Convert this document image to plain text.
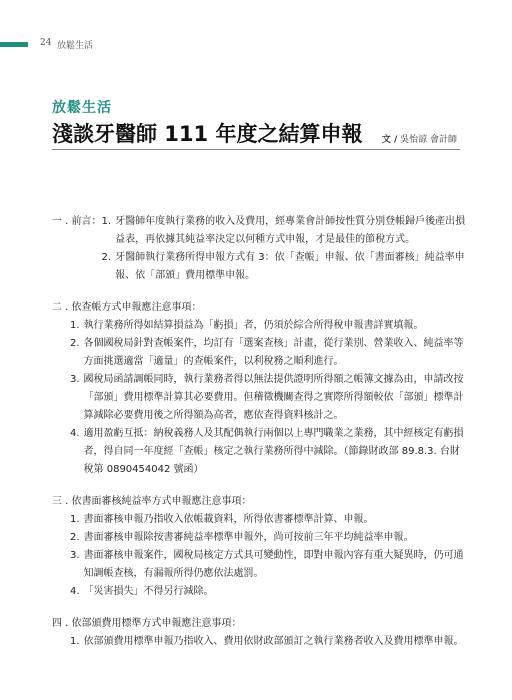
24 放鬆生活
放鬆生活
淺談牙醫師 111 年度之結算申報 文 / 吳怡諒 會計師
一 . 前言： 1. 牙醫師年度執行業務的收入及費用，經專業會計師按性質分別登帳歸戶後產出損益表，再依據其純益率決定以何種方式申報，才是最佳的節稅方式。
2. 牙醫師執行業務所得申報方式有 3：依「查帳」申報、依「書面審核」純益率申報、依「部頒」費用標準申報。
二 . 依查帳方式申報應注意事項：
1. 執行業務所得如結算損益為「虧損」者，仍須於綜合所得稅申報書詳實填報。
2. 各個國稅局針對查帳案件，均訂有「選案查核」計畫，從行業別、營業收入、純益率等方面挑選適當「適量」的查帳案件，以利稅務之順利進行。
3. 國稅局函請調帳同時，執行業務者得以無法提供證明所得額之帳簿文據為由，申請改按「部頒」費用標準計算其必要費用。但稽徵機關查得之實際所得額較依「部頒」標準計算減除必要費用後之所得額為高者，應依查得資料核計之。
4. 適用盈虧互抵：納稅義務人及其配偶執行兩個以上專門職業之業務，其中經核定有虧損者，得自同一年度經「查帳」核定之執行業務所得中減除。（節錄財政部 89.8.3. 台財稅第 0890454042 號函）
三 . 依書面審核純益率方式申報應注意事項：
1. 書面審核申報乃指收入依帳載資料，所得依書審標準計算、申報。
2. 書面審核申報除按書審純益率標準申報外，尚可按前三年平均純益率申報。
3. 書面審核申報案件，國稅局核定方式具可變動性，即對申報內容有重大疑異時，仍可通知調帳查核，有漏報所得仍應依法處罰。
4. 「災害損失」不得另行減除。
四 . 依部頒費用標準方式申報應注意事項：
1. 依部頒費用標準申報乃指收入、費用依財政部頒訂之執行業務者收入及費用標準申報。
